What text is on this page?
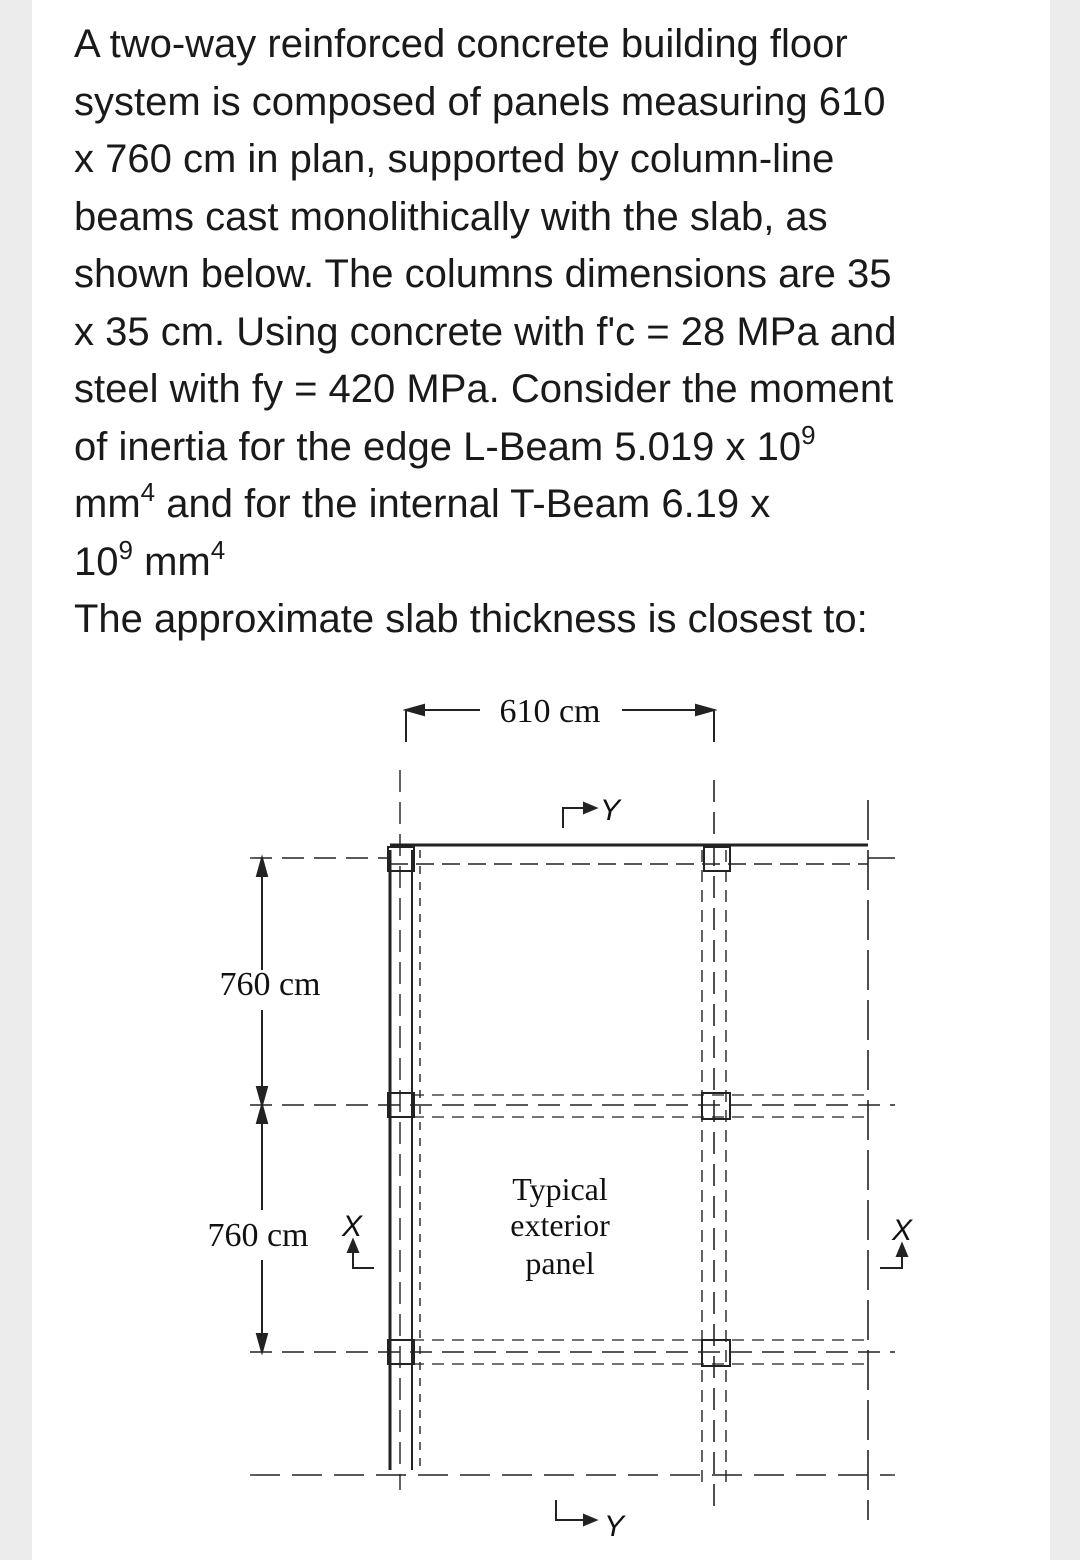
A two-way reinforced concrete building floor
system is composed of panels measuring 610
x 760 cm in plan, supported by column-line
beams cast monolithically with the slab, as
shown below. The columns dimensions are 35
x 35 cm. Using concrete with f'c = 28 MPa and
steel with fy = 420 MPa. Consider the moment
of inertia for the edge L-Beam 5.019 x $10^9$
$mm^4$ and for the internal T-Beam 6.19 x
$10^9$ $mm^4$
The approximate slab thickness is closest to:
610 cm
760 cm
760 cm
Typical
exterior
panel
Y
Y
X	X
